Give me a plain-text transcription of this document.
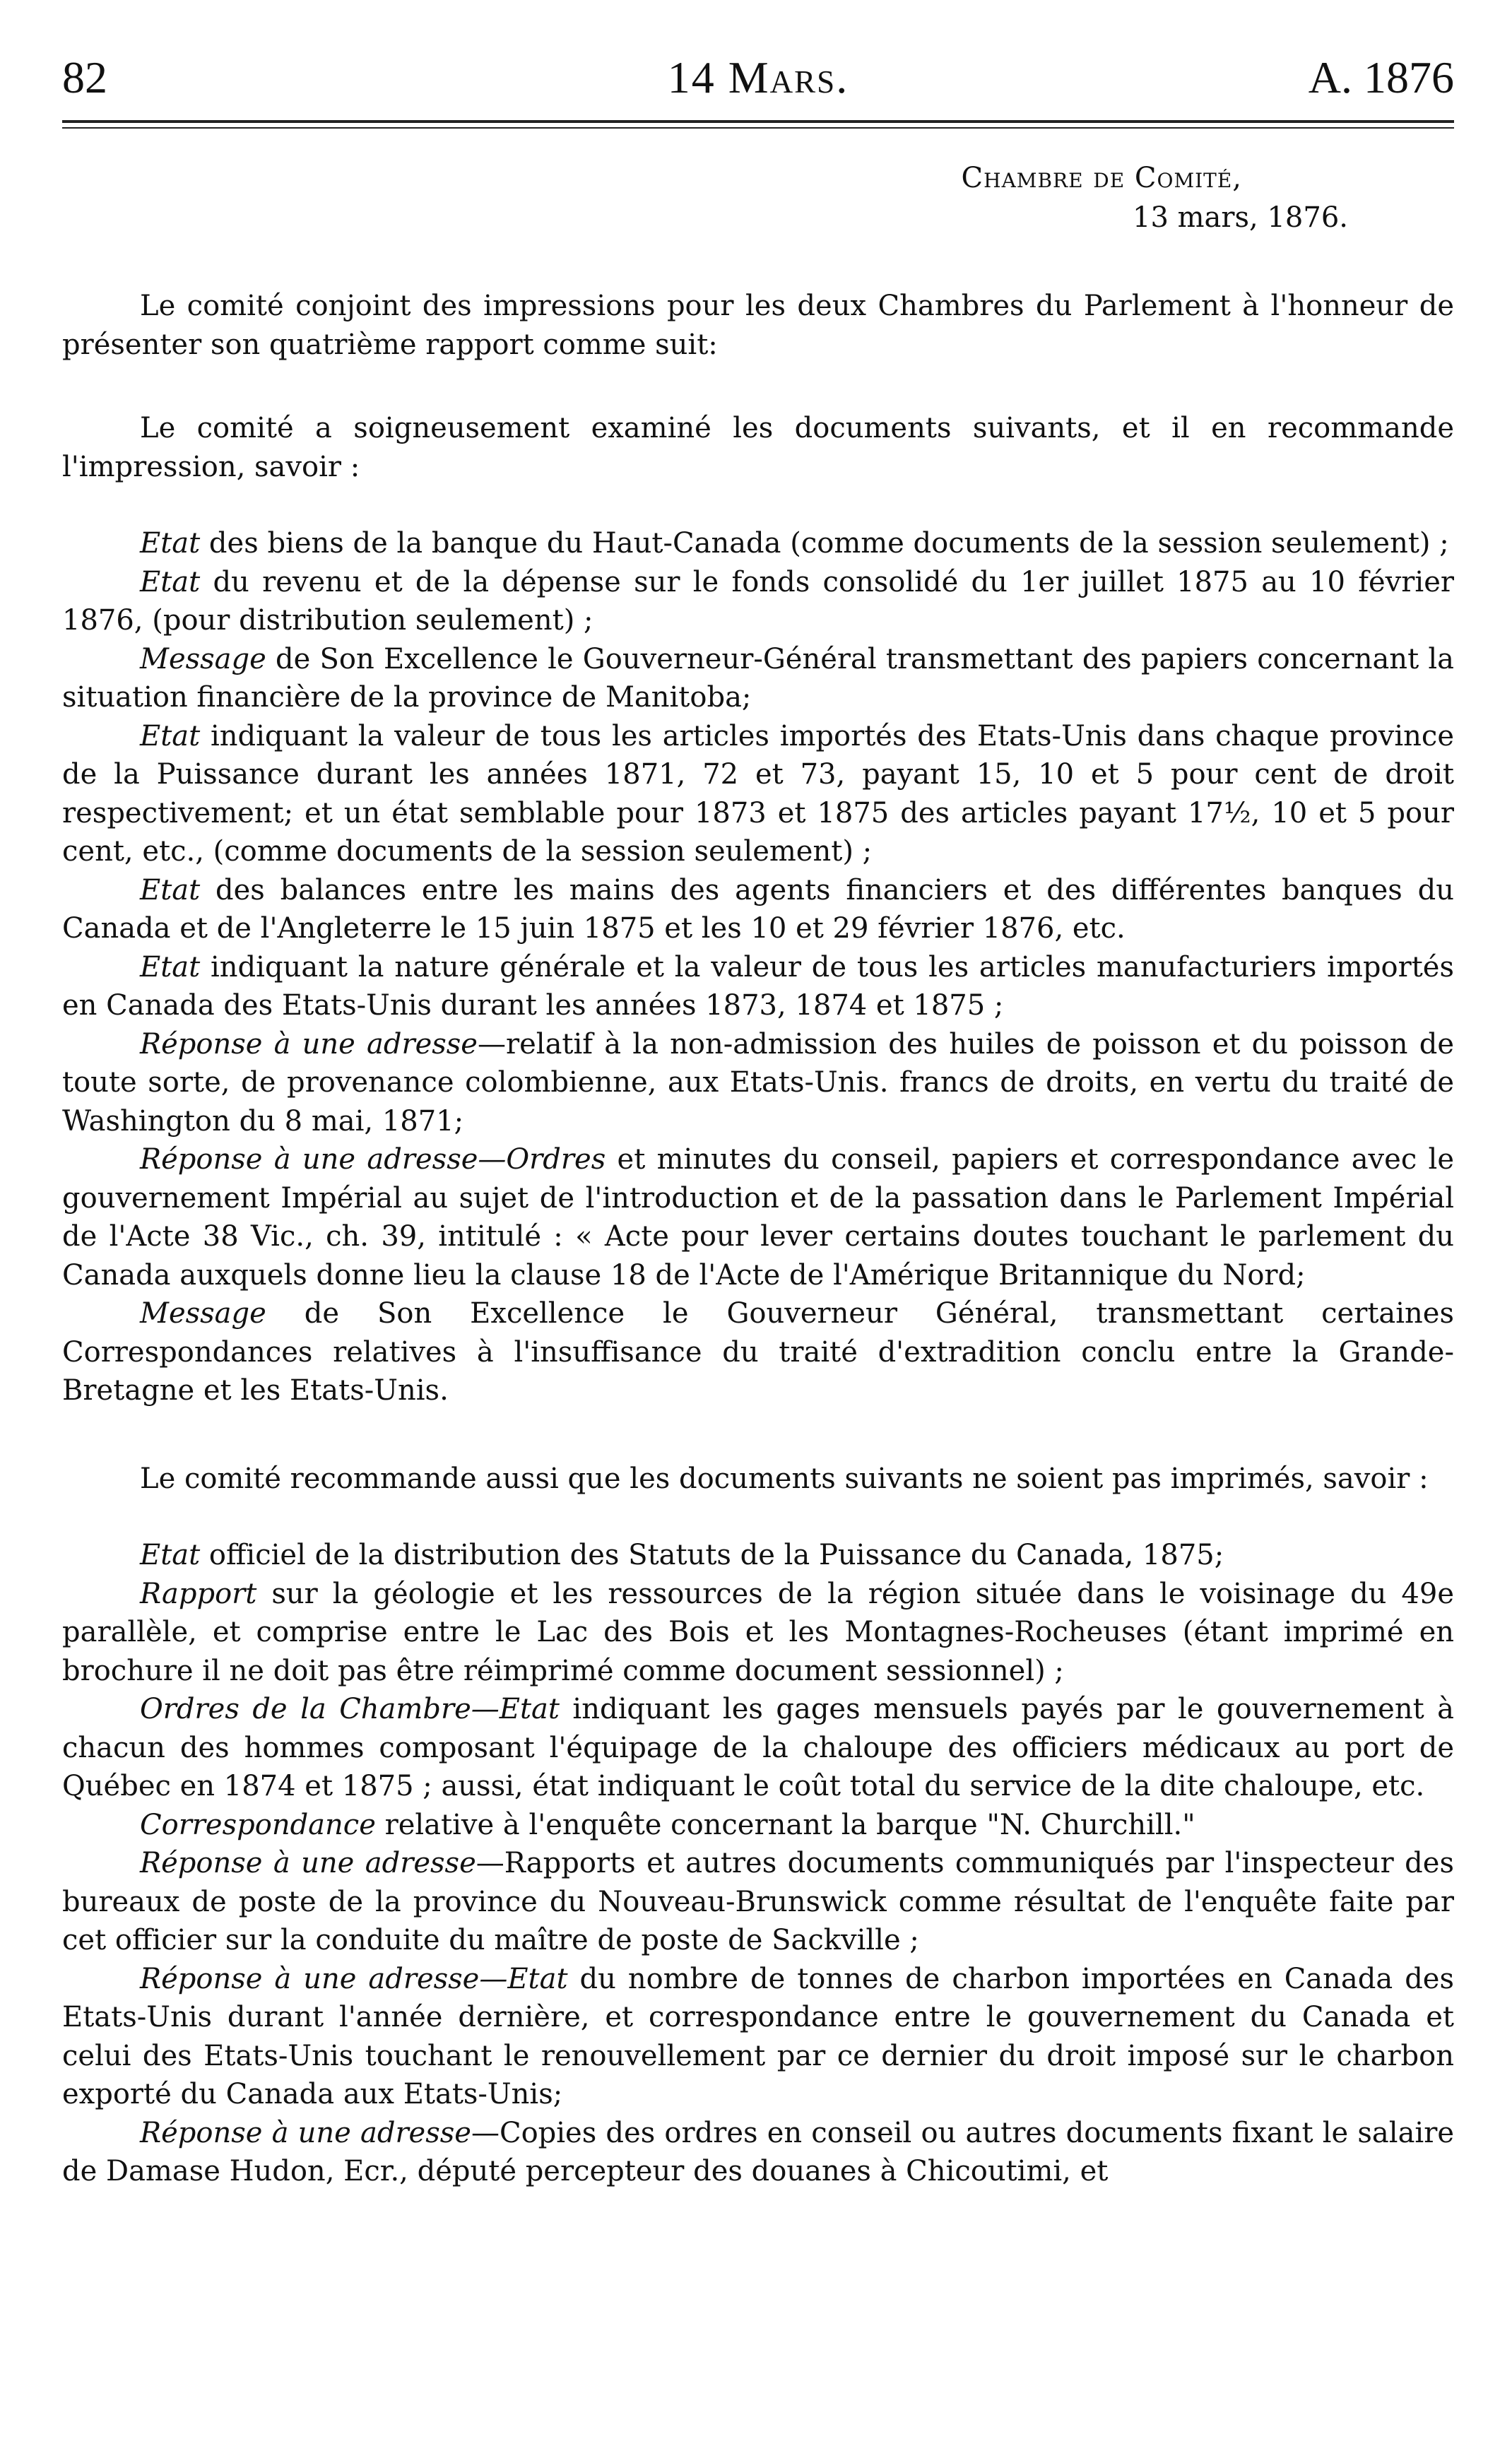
82	14 Mars.	A. 1876
Chambre de Comité,
13 mars, 1876.

Le comité conjoint des impressions pour les deux Chambres du Parlement à l'honneur de présenter son quatrième rapport comme suit:

Le comité a soigneusement examiné les documents suivants, et il en recommande l'impression, savoir :

Etat des biens de la banque du Haut-Canada (comme documents de la session seulement) ;
Etat du revenu et de la dépense sur le fonds consolidé du 1er juillet 1875 au 10 février 1876, (pour distribution seulement) ;
Message de Son Excellence le Gouverneur-Général transmettant des papiers concernant la situation financière de la province de Manitoba;
Etat indiquant la valeur de tous les articles importés des Etats-Unis dans chaque province de la Puissance durant les années 1871, 72 et 73, payant 15, 10 et 5 pour cent de droit respectivement; et un état semblable pour 1873 et 1875 des articles payant 17½, 10 et 5 pour cent, etc., (comme documents de la session seulement) ;
Etat des balances entre les mains des agents financiers et des différentes banques du Canada et de l'Angleterre le 15 juin 1875 et les 10 et 29 février 1876, etc.
Etat indiquant la nature générale et la valeur de tous les articles manufacturiers importés en Canada des Etats-Unis durant les années 1873, 1874 et 1875 ;
Réponse à une adresse—relatif à la non-admission des huiles de poisson et du poisson de toute sorte, de provenance colombienne, aux Etats-Unis. francs de droits, en vertu du traité de Washington du 8 mai, 1871;
Réponse à une adresse—Ordres et minutes du conseil, papiers et correspondance avec le gouvernement Impérial au sujet de l'introduction et de la passation dans le Parlement Impérial de l'Acte 38 Vic., ch. 39, intitulé : « Acte pour lever certains doutes touchant le parlement du Canada auxquels donne lieu la clause 18 de l'Acte de l'Amérique Britannique du Nord;
Message de Son Excellence le Gouverneur Général, transmettant certaines Correspondances relatives à l'insuffisance du traité d'extradition conclu entre la Grande-Bretagne et les Etats-Unis.

Le comité recommande aussi que les documents suivants ne soient pas imprimés, savoir :

Etat officiel de la distribution des Statuts de la Puissance du Canada, 1875;
Rapport sur la géologie et les ressources de la région située dans le voisinage du 49e parallèle, et comprise entre le Lac des Bois et les Montagnes-Rocheuses (étant imprimé en brochure il ne doit pas être réimprimé comme document sessionnel) ;
Ordres de la Chambre—Etat indiquant les gages mensuels payés par le gouvernement à chacun des hommes composant l'équipage de la chaloupe des officiers médicaux au port de Québec en 1874 et 1875 ; aussi, état indiquant le coût total du service de la dite chaloupe, etc.
Correspondance relative à l'enquête concernant la barque "N. Churchill."
Réponse à une adresse—Rapports et autres documents communiqués par l'inspecteur des bureaux de poste de la province du Nouveau-Brunswick comme résultat de l'enquête faite par cet officier sur la conduite du maître de poste de Sackville ;
Réponse à une adresse—Etat du nombre de tonnes de charbon importées en Canada des Etats-Unis durant l'année dernière, et correspondance entre le gouvernement du Canada et celui des Etats-Unis touchant le renouvellement par ce dernier du droit imposé sur le charbon exporté du Canada aux Etats-Unis;
Réponse à une adresse—Copies des ordres en conseil ou autres documents fixant le salaire de Damase Hudon, Ecr., député percepteur des douanes à Chicoutimi, et
